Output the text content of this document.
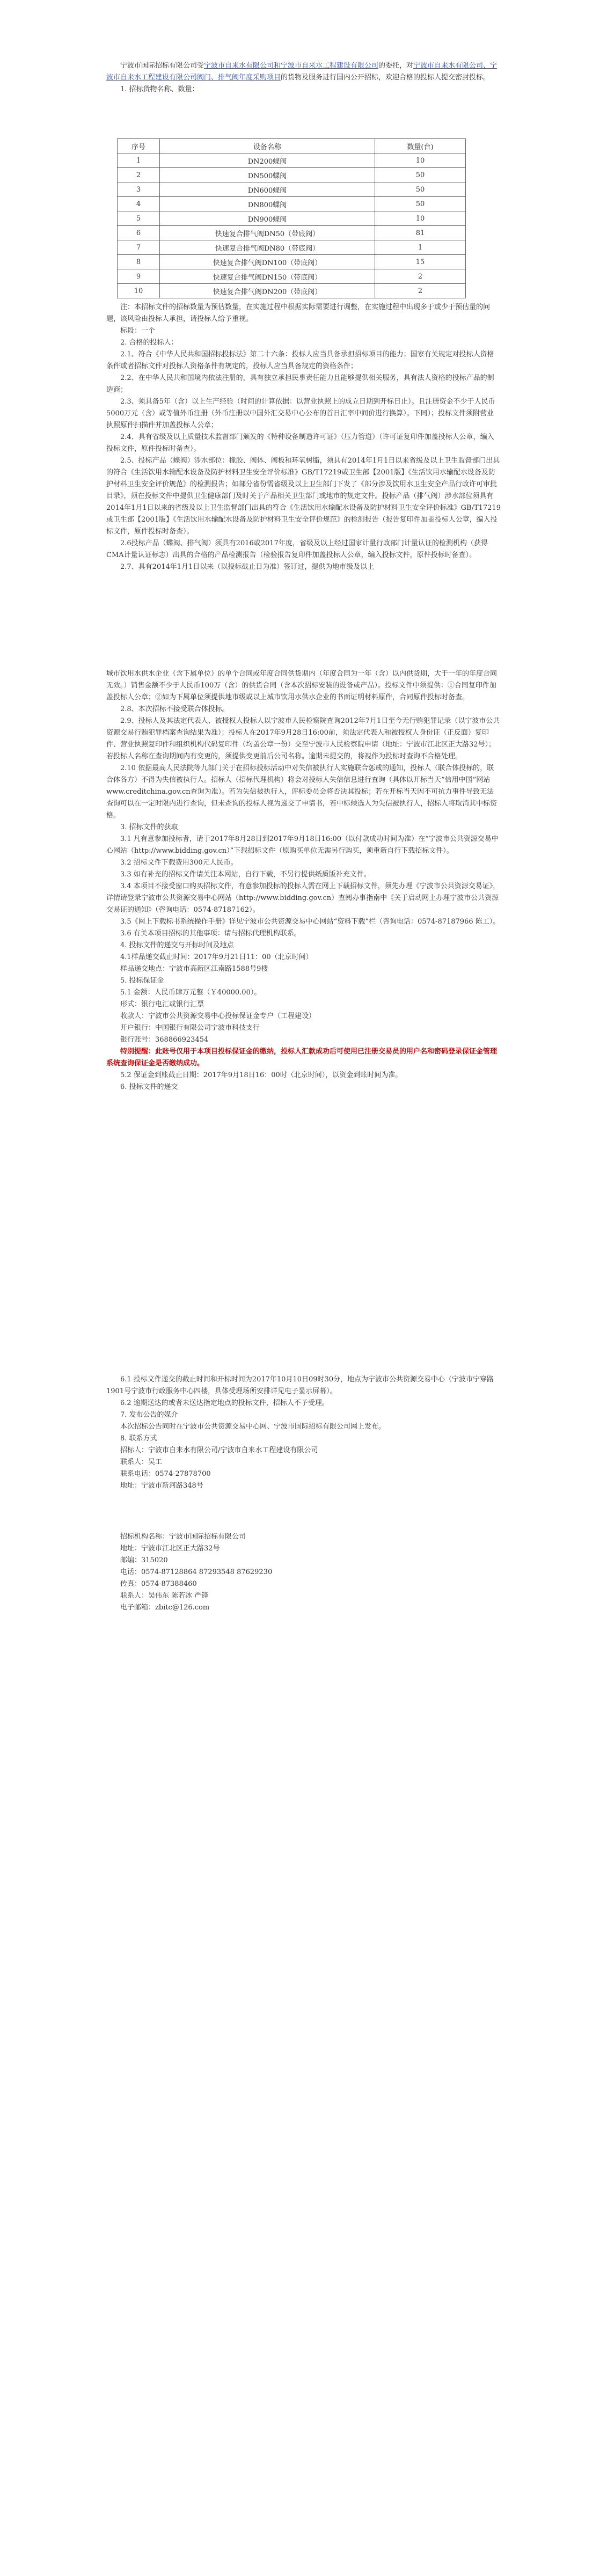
宁波市国际招标有限公司受宁波市自来水有限公司和宁波市自来水工程建设有限公司的委托，对宁波市自来水有限公司、宁波市自来水工程建设有限公司阀门、排气阀年度采购项目的货物及服务进行国内公开招标，欢迎合格的投标人提交密封投标。

1. 招标货物名称、数量：

序号	设备名称	数量(台)
1	DN200蝶阀	10
2	DN500蝶阀	50
3	DN600蝶阀	50
4	DN800蝶阀	50
5	DN900蝶阀	10
6	快速复合排气阀DN50（带底阀）	81
7	快速复合排气阀DN80（带底阀）	1
8	快速复合排气阀DN100（带底阀）	15
9	快速复合排气阀DN150（带底阀）	2
10	快速复合排气阀DN200（带底阀）	2

注：本招标文件的招标数量为预估数量，在实施过程中根据实际需要进行调整，在实施过程中出现多于或少于预估量的问题，该风险由投标人承担，请投标人给予重视。

标段：一个

2. 合格的投标人：

2.1、符合《中华人民共和国招标投标法》第二十六条：投标人应当具备承担招标项目的能力；国家有关规定对投标人资格条件或者招标文件对投标人资格条件有规定的，投标人应当具备规定的资格条件；

2.2、在中华人民共和国境内依法注册的，具有独立承担民事责任能力且能够提供相关服务，具有法人资格的投标产品的制造商；

2.3、须具备5年（含）以上生产经验（时间的计算依据：以营业执照上的成立日期到开标日止）。且注册资金不少于人民币5000万元（含）或等值外币注册（外币注册以中国外汇交易中心公布的首日汇率中间价进行换算）。下同）；投标文件须附营业执照原件扫描件并加盖投标人公章；

2.4、具有省级及以上质量技术监督部门颁发的《特种设备制造许可证》（压力管道）（许可证复印件加盖投标人公章，编入投标文件，原件投标时备查）。

2.5、投标产品（蝶阀）涉水部位：橡胶、阀体、阀板和环氧树脂，须具有2014年1月1日以来省级及以上卫生监督部门出具的符合《生活饮用水输配水设备及防护材料卫生安全评价标准》GB/T17219或卫生部【2001版】《生活饮用水输配水设备及防护材料卫生安全评价规范》的检测报告；如部分省份需省级及以上卫生部门下发了《部分涉及饮用水卫生安全产品行政许可审批目录》，须在投标文件中提供卫生健康部门及时关于产品相关卫生部门或地市的规定文件。投标产品（排气阀）涉水部位须具有2014年1月1日以来的省级及以上卫生监督部门出具的符合《生活饮用水输配水设备及防护材料卫生安全评价标准》GB/T17219或卫生部【2001版】《生活饮用水输配水设备及防护材料卫生安全评价规范》的检测报告（报告复印件加盖投标人公章，编入投标文件，原件投标时备查）。

2.6投标产品（蝶阀、排气阀）须具有2016或2017年度，省级及以上经过国家计量行政部门计量认证的检测机构（获得CMA计量认证标志）出具的合格的产品检测报告（检验报告复印件加盖投标人公章，编入投标文件，原件投标时备查）。

2.7、具有2014年1月1日以来（以投标截止日为准）签订过，提供为地市级及以上

城市饮用水供水企业（含下属单位）的单个合同或年度合同供货期内（年度合同为一年（含）以内供货期，大于一年的年度合同无效。）销售金额不少于人民币100万（含）的供货合同（含本次招标安装的设备或产品）。投标文件中须提供：①合同复印件加盖投标人公章；②如为下属单位须提供地市级或以上城市饮用水供水企业的书面证明材料原件，合同原件投标时备查。

2.8、本次招标不接受联合体投标。

2.9、投标人及其法定代表人、被授权人投标人以宁波市人民检察院查询2012年7月1日至今无行贿犯罪记录（以宁波市公共资源交易行贿犯罪档案查询结果为准）；投标人在2017年9月28日16:00前，须法定代表人和被授权人身份证（正反面）复印件、营业执照复印件和组织机构代码复印件（均盖公章一份）交至宁波市人民检察院申请（地址：宁波市江北区正大路32号）；若投标人名称在查询期间内有变更的，须提供变更前后公司名称。逾期未提交的，将视作为投标时查询不合格处理。

2.10 依据最高人民法院等九部门关于在招标投标活动中对失信被执行人实施联合惩戒的通知，投标人（联合体投标的，联合体各方）不得为失信被执行人。招标人（招标代理机构）将会对投标人失信信息进行查询（具体以开标当天“信用中国”网站www.creditchina.gov.cn查询为准）。若为失信被执行人，评标委员会将否决其投标；若在开标当天因不可抗力事件导致无法查询可以在一定时限内进行查询，但未查询的投标人视为递交了申请书，若中标候选人为失信被执行人，招标人将取消其中标资格。

3. 招标文件的获取

3.1 凡有意参加投标者，请于2017年8月28日到2017年9月18日16:00（以付款成功时间为准）在“宁波市公共资源交易中心网站（http://www.bidding.gov.cn）”下载招标文件（原购买单位无需另行购买，须重新自行下载招标文件）。

3.2 招标文件下载费用300元人民币。

3.3 如有补充的招标文件请关注本网站，自行下载，不另行提供纸质版补充文件。

3.4 本项目不接受窗口购买招标文件，有意参加投标的投标人需在网上下载招标文件，须先办理《宁波市公共资源交易证》，详情请登录宁波市公共资源交易中心网站（http://www.bidding.gov.cn）查阅办事指南中《关于启动网上办理宁波市公共资源交易证的通知》（咨询电话：0574-87187162）。

3.5《网上下载标书系统操作手册》详见宁波市公共资源交易中心网站“资料下载”栏（咨询电话：0574-87187966 陈工）。

3.6 有关本项目招标的其他事项：请与招标代理机构联系。

4. 投标文件的递交与开标时间及地点

4.1样品递交截止时间：2017年9月21日11：00（北京时间）

样品递交地点：宁波市高新区江南路1588号9楼

5. 投标保证金

5.1 金额：人民币肆万元整（￥40000.00）。

形式：银行电汇或银行汇票

收款人：宁波市公共资源交易中心投标保证金专户（工程建设）

开户银行：中国银行有限公司宁波市科技支行

银行账号：368866923454

特别提醒：此账号仅用于本项目投标保证金的缴纳，投标人汇款成功后可使用已注册交易员的用户名和密码登录保证金管理系统查询保证金是否缴纳成功。

5.2 保证金到账截止日期：2017年9月18日16：00时（北京时间），以资金到账时间为准。

6. 投标文件的递交

6.1 投标文件递交的截止时间和开标时间为2017年10月10日09时30分，地点为宁波市公共资源交易中心（宁波市宁穿路1901号宁波市行政服务中心四楼，具体受理场所安排详见电子显示屏幕）。

6.2 逾期送达的或者未送达指定地点的投标文件，招标人不予受理。

7. 发布公告的媒介

本次招标公告同时在宁波市公共资源交易中心网、宁波市国际招标有限公司网上发布。

8. 联系方式

招标人：宁波市自来水有限公司/宁波市自来水工程建设有限公司

联系人：吴工

联系电话：0574-27878700

地址：宁波市新河路348号

招标机构名称：宁波市国际招标有限公司

地址：宁波市江北区正大路32号

邮编：315020

电话：0574-87128864 87293548 87629230

传真：0574-87388460

联系人：吴伟东 陈若冰 严锋

电子邮箱：zbitc@126.com
